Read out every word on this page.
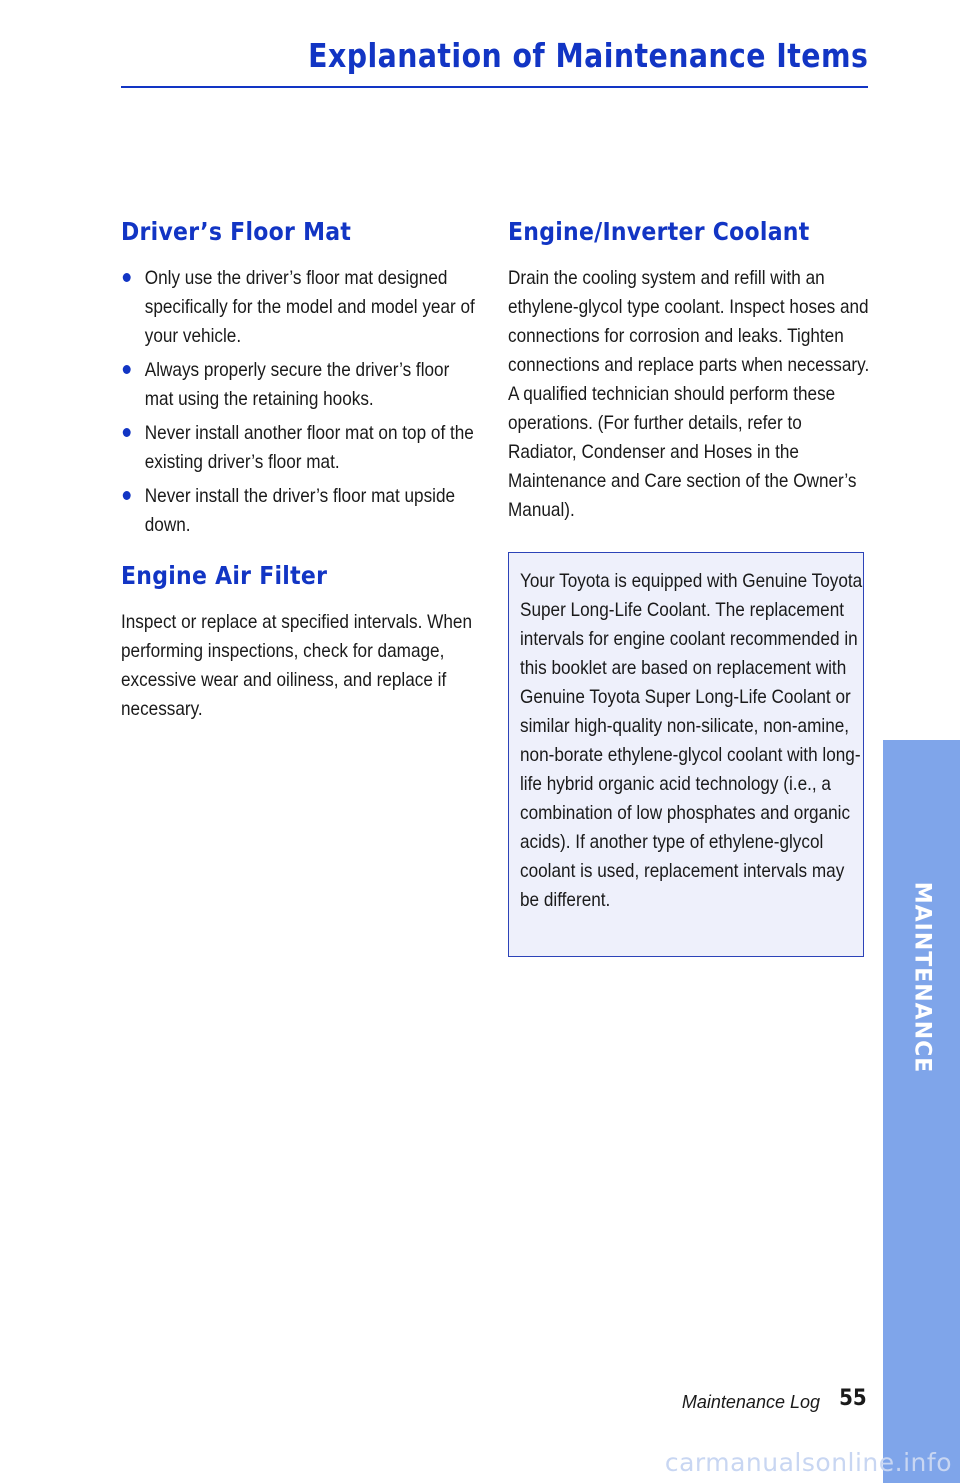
Explanation of Maintenance Items
Driver’s Floor Mat
Only use the driver’s floor mat designed specifically for the model and model year of your vehicle.
Always properly secure the driver’s floor mat using the retaining hooks.
Never install another floor mat on top of the existing driver’s floor mat.
Never install the driver’s floor mat upside down.
Engine Air Filter

Inspect or replace at specified intervals. When performing inspections, check for damage, excessive wear and oiliness, and replace if necessary.

Engine/Inverter Coolant

Drain the cooling system and refill with an ethylene-glycol type coolant. Inspect hoses and connections for corrosion and leaks. Tighten connections and replace parts when necessary. A qualified technician should perform these operations. (For further details, refer to Radiator, Condenser and Hoses in the Maintenance and Care section of the Owner’s Manual).

Your Toyota is equipped with Genuine Toyota Super Long-Life Coolant. The replacement intervals for engine coolant recommended in this booklet are based on replacement with Genuine Toyota Super Long-Life Coolant or similar high-quality non-silicate, non-amine, non-borate ethylene-glycol coolant with long-life hybrid organic acid technology (i.e., a combination of low phosphates and organic acids). If another type of ethylene-glycol coolant is used, replacement intervals may be different.	MAINTENANCE
Maintenance Log 55
carmanualsonline.info
